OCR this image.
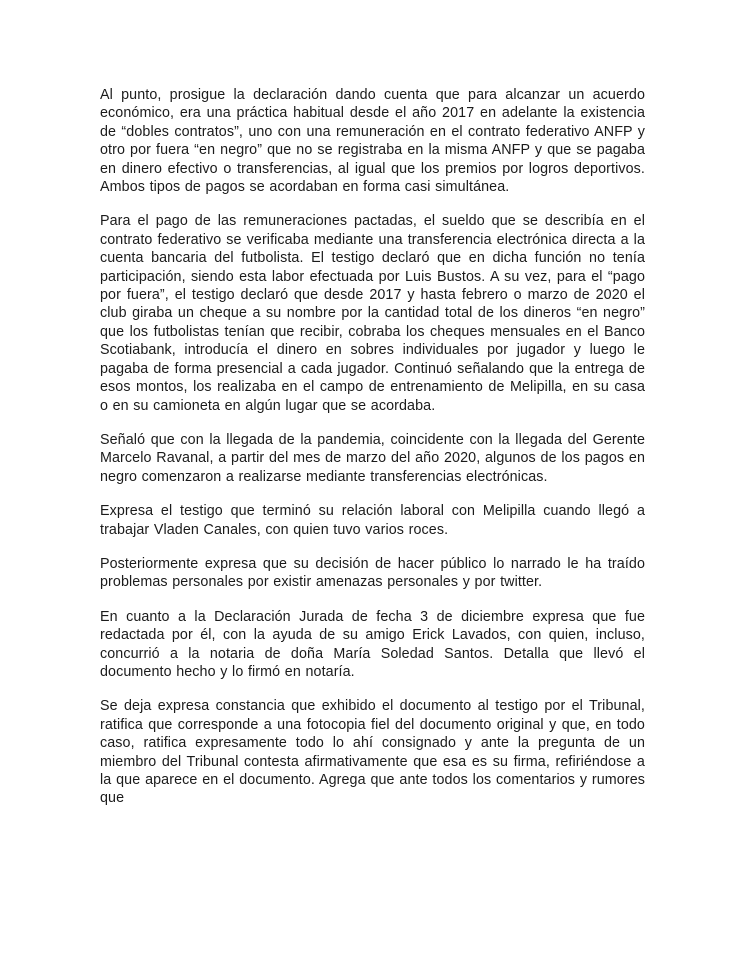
Al punto, prosigue la declaración dando cuenta que para alcanzar un acuerdo económico, era una práctica habitual desde el año 2017 en adelante la existencia de “dobles contratos”, uno con una remuneración en el contrato federativo ANFP y otro por fuera “en negro” que no se registraba en la misma ANFP y que se pagaba en dinero efectivo o transferencias, al igual que los premios por logros deportivos. Ambos tipos de pagos se acordaban en forma casi simultánea.

Para el pago de las remuneraciones pactadas, el sueldo que se describía en el contrato federativo se verificaba mediante una transferencia electrónica directa a la cuenta bancaria del futbolista. El testigo declaró que en dicha función no tenía participación, siendo esta labor efectuada por Luis Bustos. A su vez, para el “pago por fuera”, el testigo declaró que desde 2017 y hasta febrero o marzo de 2020 el club giraba un cheque a su nombre por la cantidad total de los dineros “en negro” que los futbolistas tenían que recibir, cobraba los cheques mensuales en el Banco Scotiabank, introducía el dinero en sobres individuales por jugador y luego le pagaba de forma presencial a cada jugador. Continuó señalando que la entrega de esos montos, los realizaba en el campo de entrenamiento de Melipilla, en su casa o en su camioneta en algún lugar que se acordaba.

Señaló que con la llegada de la pandemia, coincidente con la llegada del Gerente Marcelo Ravanal, a partir del mes de marzo del año 2020, algunos de los pagos en negro comenzaron a realizarse mediante transferencias electrónicas.

Expresa el testigo que terminó su relación laboral con Melipilla cuando llegó a trabajar Vladen Canales, con quien tuvo varios roces.

Posteriormente expresa que su decisión de hacer público lo narrado le ha traído problemas personales por existir amenazas personales y por twitter.

En cuanto a la Declaración Jurada de fecha 3 de diciembre expresa que fue redactada por él, con la ayuda de su amigo Erick Lavados, con quien, incluso, concurrió a la notaria de doña María Soledad Santos. Detalla que llevó el documento hecho y lo firmó en notaría.

Se deja expresa constancia que exhibido el documento al testigo por el Tribunal, ratifica que corresponde a una fotocopia fiel del documento original y que, en todo caso, ratifica expresamente todo lo ahí consignado y ante la pregunta de un miembro del Tribunal contesta afirmativamente que esa es su firma, refiriéndose a la que aparece en el documento. Agrega que ante todos los comentarios y rumores que
